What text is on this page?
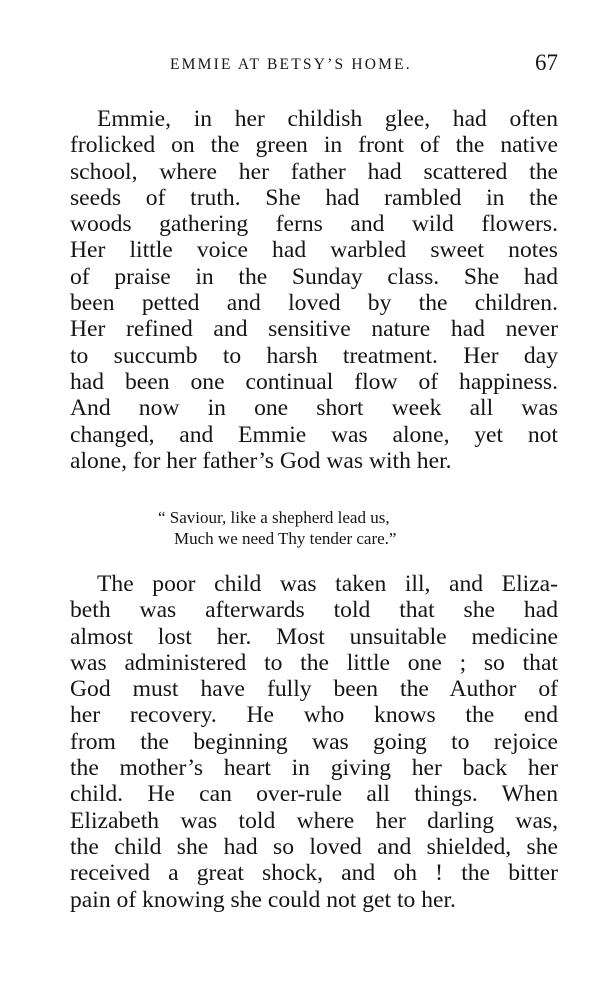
EMMIE AT BETSY’S HOME.	67
Emmie, in her childish glee, had often
frolicked on the green in front of the native
school, where her father had scattered the
seeds of truth. She had rambled in the
woods gathering ferns and wild flowers.
Her little voice had warbled sweet notes
of praise in the Sunday class. She had
been petted and loved by the children.
Her refined and sensitive nature had never
to succumb to harsh treatment. Her day
had been one continual flow of happiness.
And now in one short week all was
changed, and Emmie was alone, yet not
alone, for her father’s God was with her.
“ Saviour, like a shepherd lead us,
Much we need Thy tender care.”
The poor child was taken ill, and Eliza-
beth was afterwards told that she had
almost lost her. Most unsuitable medicine
was administered to the little one ; so that
God must have fully been the Author of
her recovery. He who knows the end
from the beginning was going to rejoice
the mother’s heart in giving her back her
child. He can over-rule all things. When
Elizabeth was told where her darling was,
the child she had so loved and shielded, she
received a great shock, and oh ! the bitter
pain of knowing she could not get to her.
